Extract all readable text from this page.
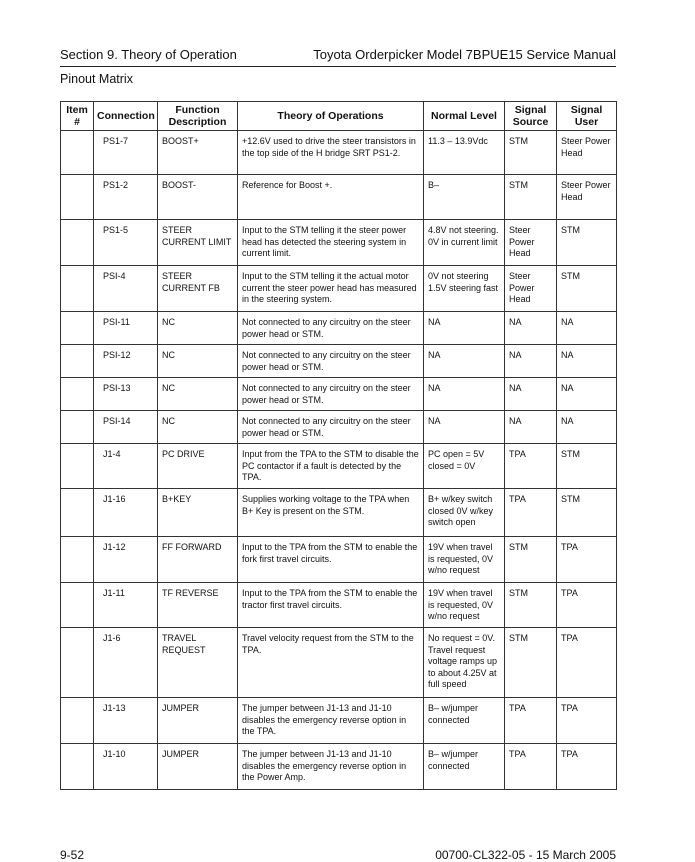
Section 9. Theory of Operation	Toyota Orderpicker Model 7BPUE15 Service Manual
Pinout Matrix
Item #	Connection	Function Description	Theory of Operations	Normal Level	Signal Source	Signal User
	PS1-7	BOOST+	+12.6V used to drive the steer transistors in the top side of the H bridge SRT PS1-2.	11.3 – 13.9Vdc	STM	Steer Power Head
	PS1-2	BOOST-	Reference for Boost +.	B–	STM	Steer Power Head
	PS1-5	STEER CURRENT LIMIT	Input to the STM telling it the steer power head has detected the steering system in current limit.	4.8V not steering. 0V in current limit	Steer Power Head	STM
	PSI-4	STEER CURRENT FB	Input to the STM telling it the actual motor current the steer power head has measured in the steering system.	0V not steering 1.5V steering fast	Steer Power Head	STM
	PSI-11	NC	Not connected to any circuitry on the steer power head or STM.	NA	NA	NA
	PSI-12	NC	Not connected to any circuitry on the steer power head or STM.	NA	NA	NA
	PSI-13	NC	Not connected to any circuitry on the steer power head or STM.	NA	NA	NA
	PSI-14	NC	Not connected to any circuitry on the steer power head or STM.	NA	NA	NA
	J1-4	PC DRIVE	Input from the TPA to the STM to disable the PC contactor if a fault is detected by the TPA.	PC open = 5V closed = 0V	TPA	STM
	J1-16	B+KEY	Supplies working voltage to the TPA when B+ Key is present on the STM.	B+ w/key switch closed 0V w/key switch open	TPA	STM
	J1-12	FF FORWARD	Input to the TPA from the STM to enable the fork first travel circuits.	19V when travel is requested, 0V w/no request	STM	TPA
	J1-11	TF REVERSE	Input to the TPA from the STM to enable the tractor first travel circuits.	19V when travel is requested, 0V w/no request	STM	TPA
	J1-6	TRAVEL REQUEST	Travel velocity request from the STM to the TPA.	No request = 0V. Travel request voltage ramps up to about 4.25V at full speed	STM	TPA
	J1-13	JUMPER	The jumper between J1-13 and J1-10 disables the emergency reverse option in the TPA.	B– w/jumper connected	TPA	TPA
	J1-10	JUMPER	The jumper between J1-13 and J1-10 disables the emergency reverse option in the Power Amp.	B– w/jumper connected	TPA	TPA
9-52	00700-CL322-05 - 15 March 2005
